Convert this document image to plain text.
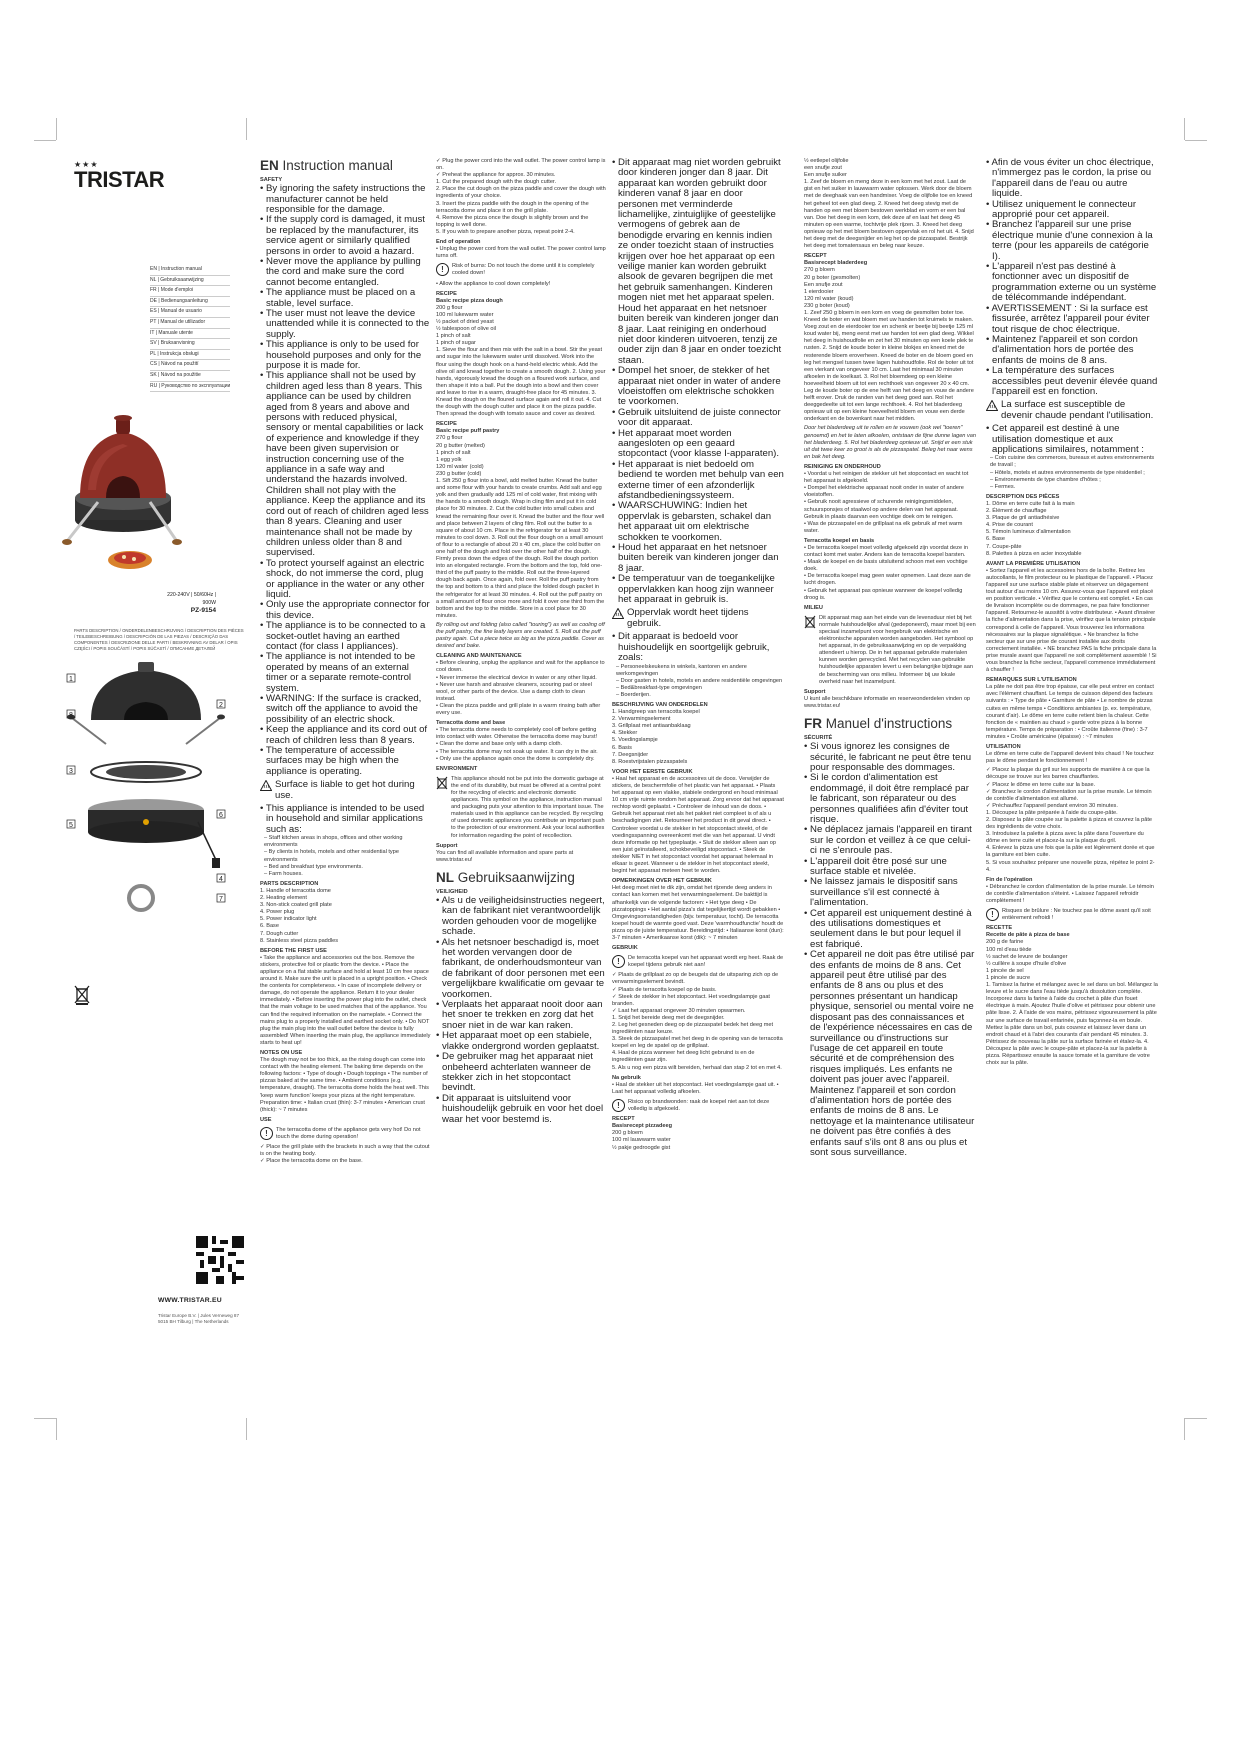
★★★
TRISTAR
EN | Instruction manual
NL | Gebruiksaanwijzing
FR | Mode d'emploi
DE | Bedienungsanleitung
ES | Manual de usuario
PT | Manual de utilizador
IT | Manuale utente
SV | Bruksanvisning
PL | Instrukcja obsługi
CS | Návod na použití
SK | Návod na použitie
RU | Руководство по эксплуатации
220-240V | 50/60Hz | 900W
PZ-9154
PARTS DESCRIPTION / ONDERDELENBESCHRIJVING / DESCRIPTION DES PIÈCES / TEILEBESCHREIBUNG / DESCRIPCIÓN DE LAS PIEZAS / DESCRIÇÃO DAS COMPONENTES / DESCRIZIONE DELLE PARTI / BESKRIVNING AV DELAR / OPIS CZĘŚCI / POPIS SOUČÁSTÍ / POPIS SÚČASTÍ / ОПИСАНИЕ ДЕТАЛЕЙ
1
2
3
4
5
6
7
8
WWW.TRISTAR.EU
Tristar Europe B.V. | Jules Verneweg 87
5015 BH Tilburg | The Netherlands
EN Instruction manual
SAFETY

• By ignoring the safety instructions the manufacturer cannot be held responsible for the damage.

• If the supply cord is damaged, it must be replaced by the manufacturer, its service agent or similarly qualified persons in order to avoid a hazard.

• Never move the appliance by pulling the cord and make sure the cord cannot become entangled.

• The appliance must be placed on a stable, level surface.

• The user must not leave the device unattended while it is connected to the supply.

• This appliance is only to be used for household purposes and only for the purpose it is made for.

• This appliance shall not be used by children aged less than 8 years. This appliance can be used by children aged from 8 years and above and persons with reduced physical, sensory or mental capabilities or lack of experience and knowledge if they have been given supervision or instruction concerning use of the appliance in a safe way and understand the hazards involved. Children shall not play with the appliance. Keep the appliance and its cord out of reach of children aged less than 8 years. Cleaning and user maintenance shall not be made by children unless older than 8 and supervised.

• To protect yourself against an electric shock, do not immerse the cord, plug or appliance in the water or any other liquid.

• Only use the appropriate connector for this device.

• The appliance is to be connected to a socket-outlet having an earthed contact (for class I appliances).

• The appliance is not intended to be operated by means of an external timer or a separate remote-control system.

• WARNING: If the surface is cracked, switch off the appliance to avoid the possibility of an electric shock.

• Keep the appliance and its cord out of reach of children less than 8 years.

• The temperature of accessible surfaces may be high when the appliance is operating.

Surface is liable to get hot during use.

• This appliance is intended to be used in household and similar applications such as:

– Staff kitchen areas in shops, offices and other working environments
– By clients in hotels, motels and other residential type environments
– Bed and breakfast type environments.
– Farm houses.
PARTS DESCRIPTION
1. Handle of terracotta dome
2. Heating element
3. Non-stick coated grill plate
4. Power plug
5. Power indicator light
6. Base
7. Dough cutter
8. Stainless steel pizza paddles
BEFORE THE FIRST USE

• Take the appliance and accessories out the box. Remove the stickers, protective foil or plastic from the device. • Place the appliance on a flat stable surface and hold at least 10 cm free space around it. Make sure the unit is placed in a upright position. • Check the contents for completeness. • In case of incomplete delivery or damage, do not operate the appliance. Return it to your dealer immediately. • Before inserting the power plug into the outlet, check that the main voltage to be used matches that of the appliance. You can find the required information on the nameplate. • Connect the mains plug to a properly installed and earthed socket only. • Do NOT plug the main plug into the wall outlet before the device is fully assembled! When inserting the main plug, the appliance immediately starts to heat up!

NOTES ON USE

The dough may not be too thick, as the rising dough can come into contact with the heating element. The baking time depends on the following factors: • Type of dough • Dough toppings • The number of pizzas baked at the same time. • Ambient conditions (e.g. temperature, draught). The terracotta dome holds the heat well. This 'keep warm function' keeps your pizza at the right temperature. Preparation time: • Italian crust (thin): 3-7 minutes • American crust (thick): ~ 7 minutes

USE
!	The terracotta dome of the appliance gets very hot! Do not touch the dome during operation!
✓ Place the grill plate with the brackets in such a way that the cutout is on the heating body.
✓ Place the terracotta dome on the base.
✓ Plug the power cord into the wall outlet. The power control lamp is on.
✓ Preheat the appliance for approx. 30 minutes.
1. Cut the prepared dough with the dough cutter.
2. Place the cut dough on the pizza paddle and cover the dough with ingredients of your choice.
3. Insert the pizza paddle with the dough in the opening of the terracotta dome and place it on the grill plate.
4. Remove the pizza once the dough is slightly brown and the topping is well done.
5. If you wish to prepare another pizza, repeat point 2-4.
End of operation
• Unplug the power cord from the wall outlet. The power control lamp turns off.
!	Risk of burns: Do not touch the dome until it is completely cooled down!
• Allow the appliance to cool down completely!
RECIPE
Basic recipe pizza dough
200 g flour
100 ml lukewarm water
½ packet of dried yeast
½ tablespoon of olive oil
1 pinch of salt
1 pinch of sugar

1. Sieve the flour and then mix with the salt in a bowl. Stir the yeast and sugar into the lukewarm water until dissolved. Work into the flour using the dough hook on a hand-held electric whisk. Add the olive oil and knead together to create a smooth dough. 2. Using your hands, vigorously knead the dough on a floured work surface, and then shape it into a ball. Put the dough into a bowl and then cover and leave to rise in a warm, draught-free place for 45 minutes. 3. Knead the dough on the floured surface again and roll it out. 4. Cut the dough with the dough cutter and place it on the pizza paddle. Then spread the dough with tomato sauce and cover as desired.

RECIPE
Basic recipe puff pastry
270 g flour
20 g butter (melted)
1 pinch of salt
1 egg yolk
120 ml water (cold)
230 g butter (cold)

1. Sift 250 g flour into a bowl, add melted butter. Knead the butter and some flour with your hands to create crumbs. Add salt and egg yolk and then gradually add 125 ml of cold water, first mixing with the hands to a smooth dough. Wrap in cling film and put it in cold place for 30 minutes. 2. Cut the cold butter into small cubes and knead the remaining flour over it. Knead the butter and the flour well and place between 2 layers of cling film. Roll out the butter to a square of about 10 cm. Place in the refrigerator for at least 30 minutes to cool down. 3. Roll out the flour dough on a small amount of flour to a rectangle of about 20 x 40 cm, place the cold butter on one half of the dough and fold over the other half of the dough. Firmly press down the edges of the dough. Roll the dough portion into an elongated rectangle. From the bottom and the top, fold one-third of the puff pastry to the middle. Roll out the three-layered dough back again. Once again, fold over. Roll the puff pastry from the top and bottom to a third and place the folded dough packet in the refrigerator for at least 30 minutes. 4. Roll out the puff pastry on a small amount of flour once more and fold it over one third from the bottom and the top to the middle. Store in a cool place for 30 minutes.

By rolling out and folding (also called "touring") as well as cooling off the puff pastry, the fine leafy layers are created. 5. Roll out the puff pastry again. Cut a piece twice as big as the pizza paddle. Cover as desired and bake.

CLEANING AND MAINTENANCE
• Before cleaning, unplug the appliance and wait for the appliance to cool down.
• Never immerse the electrical device in water or any other liquid.
• Never use harsh and abrasive cleaners, scouring pad or steel wool, or other parts of the device. Use a damp cloth to clean instead.
• Clean the pizza paddle and grill plate in a warm rinsing bath after every use.
Terracotta dome and base
• The terracotta dome needs to completely cool off before getting into contact with water. Otherwise the terracotta dome may burst!
• Clean the dome and base only with a damp cloth.
• The terracotta dome may not soak up water. It can dry in the air.
• Only use the appliance again once the dome is completely dry.
ENVIRONMENT
This appliance should not be put into the domestic garbage at the end of its durability, but must be offered at a central point for the recycling of electric and electronic domestic appliances. This symbol on the appliance, instruction manual and packaging puts your attention to this important issue. The materials used in this appliance can be recycled. By recycling of used domestic appliances you contribute an important push to the protection of our environment. Ask your local authorities for information regarding the point of recollection.
Support
You can find all available information and spare parts at www.tristar.eu!
NL Gebruiksaanwijzing
VEILIGHEID

• Als u de veiligheidsinstructies negeert, kan de fabrikant niet verantwoordelijk worden gehouden voor de mogelijke schade.

• Als het netsnoer beschadigd is, moet het worden vervangen door de fabrikant, de onderhoudsmonteur van de fabrikant of door personen met een vergelijkbare kwalificatie om gevaar te voorkomen.

• Verplaats het apparaat nooit door aan het snoer te trekken en zorg dat het snoer niet in de war kan raken.

• Het apparaat moet op een stabiele, vlakke ondergrond worden geplaatst.

• De gebruiker mag het apparaat niet onbeheerd achterlaten wanneer de stekker zich in het stopcontact bevindt.

• Dit apparaat is uitsluitend voor huishoudelijk gebruik en voor het doel waar het voor bestemd is.

• Dit apparaat mag niet worden gebruikt door kinderen jonger dan 8 jaar. Dit apparaat kan worden gebruikt door kinderen vanaf 8 jaar en door personen met verminderde lichamelijke, zintuiglijke of geestelijke vermogens of gebrek aan de benodigde ervaring en kennis indien ze onder toezicht staan of instructies krijgen over hoe het apparaat op een veilige manier kan worden gebruikt alsook de gevaren begrijpen die met het gebruik samenhangen. Kinderen mogen niet met het apparaat spelen. Houd het apparaat en het netsnoer buiten bereik van kinderen jonger dan 8 jaar. Laat reiniging en onderhoud niet door kinderen uitvoeren, tenzij ze ouder zijn dan 8 jaar en onder toezicht staan.

• Dompel het snoer, de stekker of het apparaat niet onder in water of andere vloeistoffen om elektrische schokken te voorkomen.

• Gebruik uitsluitend de juiste connector voor dit apparaat.

• Het apparaat moet worden aangesloten op een geaard stopcontact (voor klasse I-apparaten).

• Het apparaat is niet bedoeld om bediend te worden met behulp van een externe timer of een afzonderlijk afstandbedieningssysteem.

• WAARSCHUWING: Indien het oppervlak is gebarsten, schakel dan het apparaat uit om elektrische schokken te voorkomen.

• Houd het apparaat en het netsnoer buiten bereik van kinderen jonger dan 8 jaar.

• De temperatuur van de toegankelijke oppervlakken kan hoog zijn wanneer het apparaat in gebruik is.

Oppervlak wordt heet tijdens gebruik.

• Dit apparaat is bedoeld voor huishoudelijk en soortgelijk gebruik, zoals:

– Personeelskeukens in winkels, kantoren en andere werkomgevingen
– Door gasten in hotels, motels en andere residentiële omgevingen
– Bed&breakfast-type omgevingen
– Boerderijen.
BESCHRIJVING VAN ONDERDELEN
1. Handgreep van terracotta koepel
2. Verwarmingselement
3. Grillplaat met antiaanbaklaag
4. Stekker
5. Voedingslampje
6. Basis
7. Deegsnijder
8. Roestvrijstalen pizzaspatels
VOOR HET EERSTE GEBRUIK

• Haal het apparaat en de accessoires uit de doos. Verwijder de stickers, de beschermfolie of het plastic van het apparaat. • Plaats het apparaat op een vlakke, stabiele ondergrond en houd minimaal 10 cm vrije ruimte rondom het apparaat. Zorg ervoor dat het apparaat rechtop wordt geplaatst. • Controleer de inhoud van de doos. • Gebruik het apparaat niet als het pakket niet compleet is of als u beschadigingen ziet. Retourneer het product in dit geval direct. • Controleer voordat u de stekker in het stopcontact steekt, of de voedingsspanning overeenkomt met die van het apparaat. U vindt deze informatie op het typeplaatje. • Sluit de stekker alleen aan op een juist geïnstalleerd, schokbeveiligd stopcontact. • Steek de stekker NIET in het stopcontact voordat het apparaat helemaal in elkaar is gezet. Wanneer u de stekker in het stopcontact steekt, begint het apparaat meteen heet te worden.

OPMERKINGEN OVER HET GEBRUIK

Het deeg moet niet te dik zijn, omdat het rijzende deeg anders in contact kan komen met het verwarmingselement. De bakttijd is afhankelijk van de volgende factoren: • Het type deeg • De pizzatoppings • Het aantal pizza's dat tegelijkertijd wordt gebakken • Omgevingsomstandigheden (bijv. temperatuur, tocht). De terracotta koepel houdt de warmte goed vast. Deze 'warmhoudfunctie' houdt de pizza op de juiste temperatuur. Bereidingstijd: • Italiaanse korst (dun): 3-7 minuten • Amerikaanse korst (dik): ~ 7 minuten

GEBRUIK
!	De terracotta koepel van het apparaat wordt erg heet. Raak de koepel tijdens gebruik niet aan!
✓ Plaats de grillplaat zo op de beugels dat de uitsparing zich op de verwarmingselement bevindt.
✓ Plaats de terracotta koepel op de basis.
✓ Steek de stekker in het stopcontact. Het voedingslampje gaat branden.
✓ Laat het apparaat ongeveer 30 minuten opwarmen.
1. Snijd het bereide deeg met de deegsnijder.
2. Leg het gesneden deeg op de pizzaspatel bedek het deeg met ingrediënten naar keuze.
3. Steek de pizzaspatel met het deeg in de opening van de terracotta koepel en leg de spatel op de grillplaat.
4. Haal de pizza wanneer het deeg licht gebruind is en de ingrediënten gaar zijn.
5. Als u nog een pizza wilt bereiden, herhaal dan stap 2 tot en met 4.
Na gebruik
• Haal de stekker uit het stopcontact. Het voedingslampje gaat uit. • Laat het apparaat volledig afkoelen.
!	Risico op brandwonden: raak de koepel niet aan tot deze volledig is afgekoeld.
RECEPT
Basisrecept pizzadeeg
200 g bloem
100 ml lauwwarm water
½ pakje gedroogde gist
½ eetlepel olijfolie
een snufje zout
Een snufje suiker

1. Zeef de bloem en meng deze in een kom met het zout. Laat de gist en het suiker in lauwwarm water oplossen. Werk door de bloem met de deeghaak van een handmixer. Voeg de olijfolie toe en kneed het geheel tot een glad deeg. 2. Kneed het deeg stevig met de handen op een met bloem bestoven werkblad en vorm er een bal van. Doe het deeg in een kom, dek deze af en laat het deeg 45 minuten op een warme, tochtvrije plek rijzen. 3. Kneed het deeg opnieuw op het met bloem bestoven oppervlak en rol het uit. 4. Snijd het deeg met de deegsnijder en leg het op de pizzaspatel. Bestrijk het deeg met tomatensaus en beleg naar keuze.

RECEPT
Basisrecept bladerdeeg
270 g bloem
20 g boter (gesmolten)
Een snufje zout
1 eierdooier
120 ml water (koud)
230 g boter (koud)

1. Zeef 250 g bloem in een kom en voeg de gesmolten boter toe. Kneed de boter en wat bloem met uw handen tot kruimels te maken. Voeg zout en de eierdooier toe en schenk er beetje bij beetje 125 ml koud water bij, meng eerst met uw handen tot een glad deeg. Wikkel het deeg in huishoudfolie en zet het 30 minuten op een koele plek te rusten. 2. Snijd de koude boter in kleine blokjes en kneed met de resterende bloem eroverheen. Kneed de boter en de bloem goed en leg het mengsel tussen twee lagen huishoudfolie. Rol de boter uit tot een vierkant van ongeveer 10 cm. Laat het minimaal 30 minuten afkoelen in de koelkast. 3. Rol het bloemdeeg op een kleine hoeveelheid bloem uit tot een rechthoek van ongeveer 20 x 40 cm. Leg de koude boter op de ene helft van het deeg en vouw de andere helft erover. Druk de randen van het deeg goed aan. Rol het deeggedeelte uit tot een lange rechthoek. 4. Rol het bladerdeeg opnieuw uit op een kleine hoeveelheid bloem en vouw een derde onderkant en de bovenkant naar het midden.

Door het bladerdeeg uit te rollen en te vouwen (ook wel "toeren" genoemd) en het te laten afkoelen, ontstaan de fijne dunne lagen van het bladerdeeg. 5. Rol het bladerdeeg opnieuw uit. Snijd er een stuk uit dat twee keer zo groot is als de pizzaspatel. Beleg het naar wens en bak het deeg.

REINIGING EN ONDERHOUD
• Voordat u het reinigen de stekker uit het stopcontact en wacht tot het apparaat is afgekoeld.
• Dompel het elektrische apparaat nooit onder in water of andere vloeistoffen.
• Gebruik nooit agressieve of schurende reinigingsmiddelen, schuursponsjes of staalwol op andere delen van het apparaat. Gebruik in plaats daarvan een vochtige doek om te reinigen.
• Was de pizzaspatel en de grillplaat na elk gebruik af met warm water.
Terracotta koepel en basis
• De terracotta koepel moet volledig afgekoeld zijn voordat deze in contact komt met water. Anders kan de terracotta koepel barsten.
• Maak de koepel en de basis uitsluitend schoon met een vochtige doek.
• De terracotta koepel mag geen water opnemen. Laat deze aan de lucht drogen.
• Gebruik het apparaat pas opnieuw wanneer de koepel volledig droog is.
MILIEU
Dit apparaat mag aan het einde van de levensduur niet bij het normale huishoudelijke afval (gedeponeerd), maar moet bij een speciaal inzamelpunt voor hergebruik van elektrische en elektronische apparaten worden aangeboden. Het symbool op het apparaat, in de gebruiksaanwijzing en op de verpakking attendeert u hierop. De in het apparaat gebruikte materialen kunnen worden gerecycled. Met het recyclen van gebruikte huishoudelijke apparaten levert u een belangrijke bijdrage aan de bescherming van ons milieu. Informeer bij uw lokale overheid naar het inzamelpunt.
Support
U kunt alle beschikbare informatie en reserveonderdelen vinden op www.tristar.eu!
FR Manuel d'instructions
SÉCURITÉ

• Si vous ignorez les consignes de sécurité, le fabricant ne peut être tenu pour responsable des dommages.

• Si le cordon d'alimentation est endommagé, il doit être remplacé par le fabricant, son réparateur ou des personnes qualifiées afin d'éviter tout risque.

• Ne déplacez jamais l'appareil en tirant sur le cordon et veillez à ce que celui-ci ne s'enroule pas.

• L'appareil doit être posé sur une surface stable et nivelée.

• Ne laissez jamais le dispositif sans surveillance s'il est connecté à l'alimentation.

• Cet appareil est uniquement destiné à des utilisations domestiques et seulement dans le but pour lequel il est fabriqué.

• Cet appareil ne doit pas être utilisé par des enfants de moins de 8 ans. Cet appareil peut être utilisé par des enfants de 8 ans ou plus et des personnes présentant un handicap physique, sensoriel ou mental voire ne disposant pas des connaissances et de l'expérience nécessaires en cas de surveillance ou d'instructions sur l'usage de cet appareil en toute sécurité et de compréhension des risques impliqués. Les enfants ne doivent pas jouer avec l'appareil. Maintenez l'appareil et son cordon d'alimentation hors de portée des enfants de moins de 8 ans. Le nettoyage et la maintenance utilisateur ne doivent pas être confiés à des enfants sauf s'ils ont 8 ans ou plus et sont sous surveillance.

• Afin de vous éviter un choc électrique, n'immergez pas le cordon, la prise ou l'appareil dans de l'eau ou autre liquide.

• Utilisez uniquement le connecteur approprié pour cet appareil.

• Branchez l'appareil sur une prise électrique munie d'une connexion à la terre (pour les appareils de catégorie I).

• L'appareil n'est pas destiné à fonctionner avec un dispositif de programmation externe ou un système de télécommande indépendant.

• AVERTISSEMENT : Si la surface est fissurée, arrêtez l'appareil pour éviter tout risque de choc électrique.

• Maintenez l'appareil et son cordon d'alimentation hors de portée des enfants de moins de 8 ans.

• La température des surfaces accessibles peut devenir élevée quand l'appareil est en fonction.

La surface est susceptible de devenir chaude pendant l'utilisation.

• Cet appareil est destiné à une utilisation domestique et aux applications similaires, notamment :

– Coin cuisine des commerces, bureaux et autres environnements de travail ;
– Hôtels, motels et autres environnements de type résidentiel ;
– Environnements de type chambre d'hôtes ;
– Fermes.
DESCRIPTION DES PIÈCES
1. Dôme en terre cuite fait à la main
2. Élément de chauffage
3. Plaque de gril antiadhésive
4. Prise de courant
5. Témoin lumineux d'alimentation
6. Base
7. Coupe-pâte
8. Palettes à pizza en acier inoxydable
AVANT LA PREMIÈRE UTILISATION

• Sortez l'appareil et les accessoires hors de la boîte. Retirez les autocollants, le film protecteur ou le plastique de l'appareil. • Placez l'appareil sur une surface stable plate et réservez un dégagement tout autour d'au moins 10 cm. Assurez-vous que l'appareil est placé en position verticale. • Vérifiez que le contenu est complet. • En cas de livraison incomplète ou de dommages, ne pas faire fonctionner l'appareil. Retournez-le aussitôt à votre distributeur. • Avant d'insérer la fiche d'alimentation dans la prise, vérifiez que la tension principale correspond à celle de l'appareil. Vous trouverez les informations nécessaires sur la plaque signalétique. • Ne branchez la fiche secteur que sur une prise de courant installée aux droits correctement installée. • NE branchez PAS la fiche principale dans la prise murale avant que l'appareil ne soit complètement assemblé ! Si vous branchez la fiche secteur, l'appareil commence immédiatement à chauffer !

REMARQUES SUR L'UTILISATION

La pâte ne doit pas être trop épaisse, car elle peut entrer en contact avec l'élément chauffant. Le temps de cuisson dépend des facteurs suivants : • Type de pâte • Garniture de pâte • Le nombre de pizzas cuites en même temps • Conditions ambiantes (p. ex. température, courant d'air). Le dôme en terre cuite retient bien la chaleur. Cette fonction de « maintien au chaud » garde votre pizza à la bonne température. Temps de préparation : • Croûte italienne (fine) : 3-7 minutes • Croûte américaine (épaisse) : ~7 minutes

UTILISATION

Le dôme en terre cuite de l'appareil devient très chaud ! Ne touchez pas le dôme pendant le fonctionnement !

✓ Placez la plaque du gril sur les supports de manière à ce que la découpe se trouve sur les barres chauffantes.
✓ Placez le dôme en terre cuite sur la base.
✓ Branchez le cordon d'alimentation sur la prise murale. Le témoin de contrôle d'alimentation est allumé.
✓ Préchauffez l'appareil pendant environ 30 minutes.
1. Découpez la pâte préparée à l'aide du coupe-pâte.
2. Disposez la pâte coupée sur la palette à pizza et couvrez la pâte des ingrédients de votre choix.
3. Introduisez la palette à pizza avec la pâte dans l'ouverture du dôme en terre cuite et placez-la sur la plaque du gril.
4. Enlevez la pizza une fois que la pâte est légèrement dorée et que la garniture est bien cuite.
5. Si vous souhaitez préparer une nouvelle pizza, répétez le point 2-4.
Fin de l'opération
• Débranchez le cordon d'alimentation de la prise murale. Le témoin de contrôle d'alimentation s'éteint. • Laissez l'appareil refroidir complètement !
!	Risques de brûlure : Ne touchez pas le dôme avant qu'il soit entièrement refroidi !
RECETTE
Recette de pâte à pizza de base
200 g de farine
100 ml d'eau tiède
½ sachet de levure de boulanger
½ cuillère à soupe d'huile d'olive
1 pincée de sel
1 pincée de sucre

1. Tamisez la farine et mélangez avec le sel dans un bol. Mélangez la levure et le sucre dans l'eau tiède jusqu'à dissolution complète. Incorporez dans la farine à l'aide du crochet à pâte d'un fouet électrique à main. Ajoutez l'huile d'olive et pétrissez pour obtenir une pâte lisse. 2. À l'aide de vos mains, pétrissez vigoureusement la pâte sur une surface de travail enfarinée, puis façonnez-la en boule. Mettez la pâte dans un bol, puis couvrez et laissez lever dans un endroit chaud et à l'abri des courants d'air pendant 45 minutes. 3. Pétrissez de nouveau la pâte sur la surface farinée et étalez-la. 4. Découpez la pâte avec le coupe-pâte et placez-la sur la palette à pizza. Répartissez ensuite la sauce tomate et la garniture de votre choix sur la pâte.
